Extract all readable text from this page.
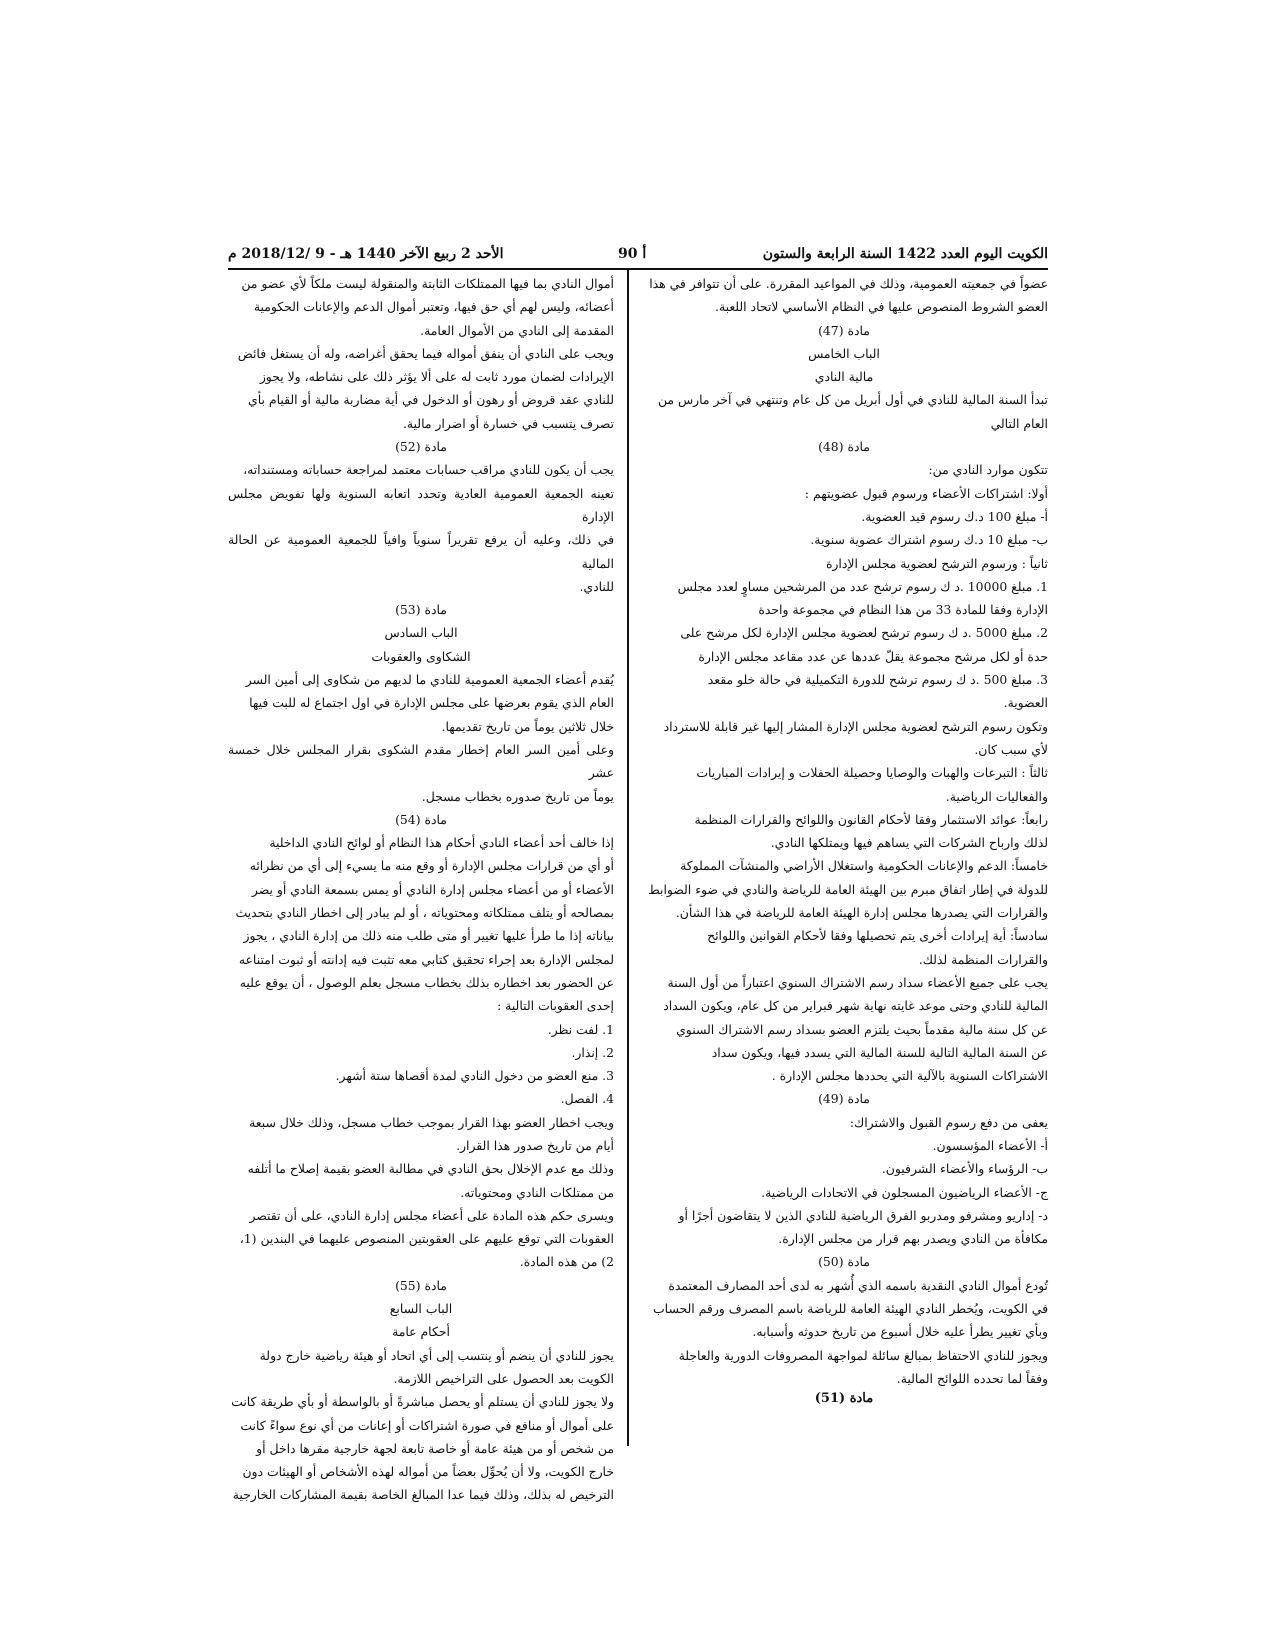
الكويت اليوم العدد 1422 السنة الرابعة والستون
أ 90
الأحد 2 ربيع الآخر 1440 هـ - 9 /2018/12 م

عضواً في جمعيته العمومية، وذلك في المواعيد المقررة. على أن تتوافر في هذا

العضو الشروط المنصوص عليها في النظام الأساسي لاتحاد اللعبة.

مادة (47)

الباب الخامس

مالية النادي

تبدأ السنة المالية للنادي في أول أبريل من كل عام وتنتهي في آخر مارس من

العام التالي

مادة (48)

تتكون موارد النادي من:

أولا: اشتراكات الأعضاء ورسوم قبول عضويتهم :

أ- مبلغ 100 د.ك رسوم قيد العضوية.

ب- مبلغ 10 د.ك رسوم اشتراك عضوية سنوية.

ثانياً : ورسوم الترشح لعضوية مجلس الإدارة

1. مبلغ 10000 .د ك رسوم ترشح عدد من المرشحين مساوٍ لعدد مجلس

الإدارة وفقا للمادة 33 من هذا النظام في مجموعة واحدة

2. مبلغ 5000 .د ك رسوم ترشح لعضوية مجلس الإدارة لكل مرشح على

حدة أو لكل مرشح مجموعة يقلّ عددها عن عدد مقاعد مجلس الإدارة

3. مبلغ 500 .د ك رسوم ترشح للدورة التكميلية في حالة خلو مقعد

العضوية.

وتكون رسوم الترشح لعضوية مجلس الإدارة المشار إليها غير قابلة للاسترداد

لأي سبب كان.

ثالثاً : التبرعات والهبات والوصايا وحصيلة الحفلات و إيرادات المباريات

والفعاليات الرياضية.

رابعاً: عوائد الاستثمار وفقا لأحكام القانون واللوائح والقرارات المنظمة

لذلك وارباح الشركات التي يساهم فيها ويمتلكها النادي.

خامساً: الدعم والإعانات الحكومية واستغلال الأراضي والمنشآت المملوكة

للدولة في إطار اتفاق مبرم بين الهيئة العامة للرياضة والنادي في ضوء الضوابط

والقرارات التي يصدرها مجلس إدارة الهيئة العامة للرياضة في هذا الشأن.

سادساً: أية إيرادات أخرى يتم تحصيلها وفقا لأحكام القوانين واللوائح

والقرارات المنظمة لذلك.

يجب على جميع الأعضاء سداد رسم الاشتراك السنوي اعتباراً من أول السنة

المالية للنادي وحتى موعد غايته نهاية شهر فبراير من كل عام، ويكون السداد

عن كل سنة مالية مقدماً بحيث يلتزم العضو بسداد رسم الاشتراك السنوي

عن السنة المالية التالية للسنة المالية التي يسدد فيها، ويكون سداد

الاشتراكات السنوية بالآلية التي يحددها مجلس الإدارة .

مادة (49)

يعفى من دفع رسوم القبول والاشتراك:

أ- الأعضاء المؤسسون.

ب- الرؤساء والأعضاء الشرفيون.

ج- الأعضاء الرياضيون المسجلون في الاتحادات الرياضية.

د- إداريو ومشرفو ومدربو الفرق الرياضية للنادي الذين لا يتقاضون أجرًا أو

مكافأة من النادي ويصدر بهم قرار من مجلس الإدارة.

مادة (50)

تُودع أموال النادي النقدية باسمه الذي أُشهر به لدى أحد المصارف المعتمدة

في الكويت، ويُخطر النادي الهيئة العامة للرياضة باسم المصرف ورقم الحساب

وبأي تغيير يطرأ عليه خلال أسبوع من تاريخ حدوثه وأسبابه.

ويجوز للنادي الاحتفاظ بمبالغ سائلة لمواجهة المصروفات الدورية والعاجلة

وفقاً لما تحدده اللوائح المالية.

أموال النادي بما فيها الممتلكات الثابتة والمنقولة ليست ملكاً لأي عضو من

أعضائه، وليس لهم أي حق فيها، وتعتبر أموال الدعم والإعانات الحكومية

المقدمة إلى النادي من الأموال العامة.

ويجب على النادي أن ينفق أمواله فيما يحقق أغراضه، وله أن يستغل فائض

الإيرادات لضمان مورد ثابت له على ألا يؤثر ذلك على نشاطه، ولا يجوز

للنادي عقد قروض أو رهون أو الدخول في أية مضاربة مالية أو القيام بأي

تصرف يتسبب في خسارة أو اضرار مالية.

مادة (52)

يجب أن يكون للنادي مراقب حسابات معتمد لمراجعة حساباته ومستنداته،

تعينه الجمعية العمومية العادية وتحدد اتعابه السنوية ولها تفويض مجلس الإدارة

في ذلك، وعليه أن يرفع تقريراً سنوياً وافياً للجمعية العمومية عن الحالة المالية

للنادي.

مادة (53)

الباب السادس

الشكاوى والعقوبات

يُقدم أعضاء الجمعية العمومية للنادي ما لديهم من شكاوى إلى أمين السر

العام الذي يقوم بعرضها على مجلس الإدارة في اول اجتماع له للبت فيها

خلال ثلاثين يوماً من تاريخ تقديمها.

وعلى أمين السر العام إخطار مقدم الشكوى بقرار المجلس خلال خمسة عشر

يوماً من تاريخ صدوره بخطاب مسجل.

مادة (54)

إذا خالف أحد أعضاء النادي أحكام هذا النظام أو لوائح النادي الداخلية

أو أي من قرارات مجلس الإدارة أو وقع منه ما يسيء إلى أي من نظرائه

الأعضاء أو من أعضاء مجلس إدارة النادي أو يمس بسمعة النادي أو يضر

بمصالحه أو يتلف ممتلكاته ومحتوياته ، أو لم يبادر إلى اخطار النادي بتحديث

بياناته إذا ما طرأ عليها تغيير أو متى طلب منه ذلك من إدارة النادي ، يجوز

لمجلس الإدارة بعد إجراء تحقيق كتابي معه تثبت فيه إدانته أو ثبوت امتناعه

عن الحضور بعد اخطاره بذلك بخطاب مسجل بعلم الوصول ، أن يوقع عليه

إحدى العقوبات التالية :

1. لفت نظر.

2. إنذار.

3. منع العضو من دخول النادي لمدة أقصاها ستة أشهر.

4. الفصل.

ويجب اخطار العضو بهذا القرار بموجب خطاب مسجل، وذلك خلال سبعة

أيام من تاريخ صدور هذا القرار.

وذلك مع عدم الإخلال بحق النادي في مطالبة العضو بقيمة إصلاح ما أتلفه

من ممتلكات النادي ومحتوياته.

ويسرى حكم هذه المادة على أعضاء مجلس إدارة النادي، على أن تقتصر

العقوبات التي توقع عليهم على العقوبتين المنصوص عليهما في البندين (1،

2) من هذه المادة.

مادة (55)

الباب السابع

أحكام عامة

يجوز للنادي أن ينضم أو ينتسب إلى أي اتحاد أو هيئة رياضية خارج دولة

الكويت بعد الحصول على التراخيص اللازمة.

ولا يجوز للنادي أن يستلم أو يحصل مباشرةً أو بالواسطة أو بأي طريقة كانت

على أموال أو منافع في صورة اشتراكات أو إعانات من أي نوع سواءً كانت

من شخص أو من هيئة عامة أو خاصة تابعة لجهة خارجية مقرها داخل أو

خارج الكويت، ولا أن يُحوِّل بعضاً من أمواله لهذه الأشخاص أو الهيئات دون

الترخيص له بذلك، وذلك فيما عدا المبالغ الخاصة بقيمة المشاركات الخارجية

مادة (51)
